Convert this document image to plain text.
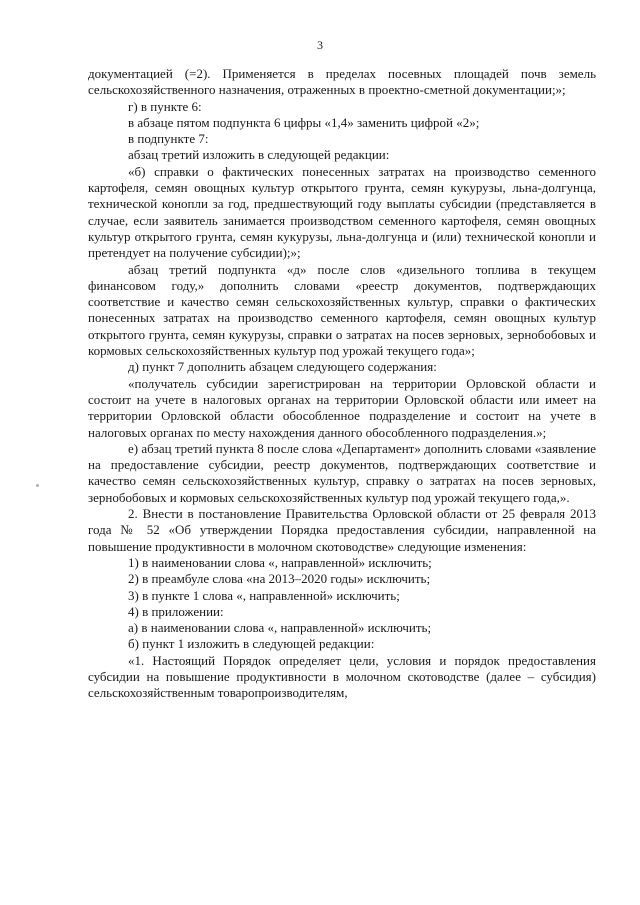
3

документацией (=2). Применяется в пределах посевных площадей почв земель сельскохозяйственного назначения, отраженных в проектно-сметной документации;»;

г) в пункте 6:

в абзаце пятом подпункта 6 цифры «1,4» заменить цифрой «2»;

в подпункте 7:

абзац третий изложить в следующей редакции:

«б) справки о фактических понесенных затратах на производство семенного картофеля, семян овощных культур открытого грунта, семян кукурузы, льна-долгунца, технической конопли за год, предшествующий году выплаты субсидии (представляется в случае, если заявитель занимается производством семенного картофеля, семян овощных культур открытого грунта, семян кукурузы, льна-долгунца и (или) технической конопли и претендует на получение субсидии);»;

абзац третий подпункта «д» после слов «дизельного топлива в текущем финансовом году,» дополнить словами «реестр документов, подтверждающих соответствие и качество семян сельскохозяйственных культур, справки о фактических понесенных затратах на производство семенного картофеля, семян овощных культур открытого грунта, семян кукурузы, справки о затратах на посев зерновых, зернобобовых и кормовых сельскохозяйственных культур под урожай текущего года»;

д) пункт 7 дополнить абзацем следующего содержания:

«получатель субсидии зарегистрирован на территории Орловской области и состоит на учете в налоговых органах на территории Орловской области или имеет на территории Орловской области обособленное подразделение и состоит на учете в налоговых органах по месту нахождения данного обособленного подразделения.»;

е) абзац третий пункта 8 после слова «Департамент» дополнить словами «заявление на предоставление субсидии, реестр документов, подтверждающих соответствие и качество семян сельскохозяйственных культур, справку о затратах на посев зерновых, зернобобовых и кормовых сельскохозяйственных культур под урожай текущего года,».

2. Внести в постановление Правительства Орловской области от 25 февраля 2013 года № 52 «Об утверждении Порядка предоставления субсидии, направленной на повышение продуктивности в молочном скотоводстве» следующие изменения:

1) в наименовании слова «, направленной» исключить;

2) в преамбуле слова «на 2013–2020 годы» исключить;

3) в пункте 1 слова «, направленной» исключить;

4) в приложении:

а) в наименовании слова «, направленной» исключить;

б) пункт 1 изложить в следующей редакции:

«1. Настоящий Порядок определяет цели, условия и порядок предоставления субсидии на повышение продуктивности в молочном скотоводстве (далее – субсидия) сельскохозяйственным товаропроизводителям,
